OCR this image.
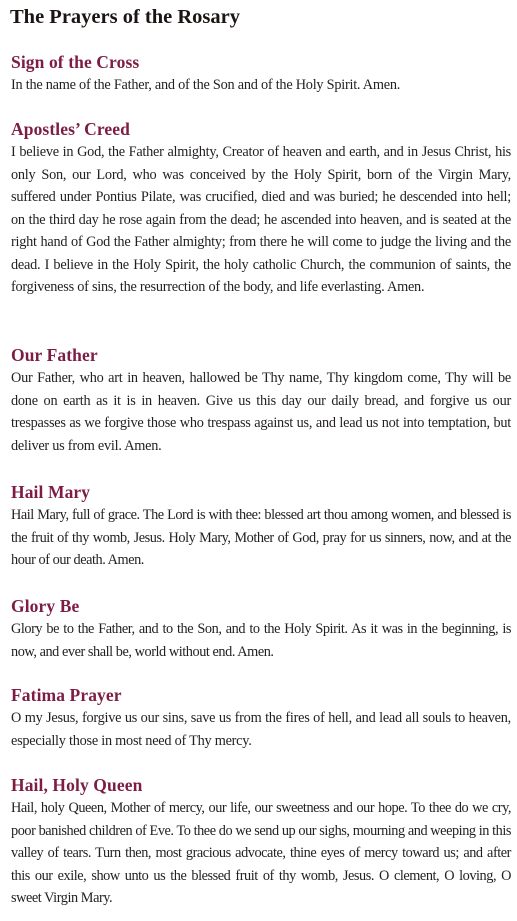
The Prayers of the Rosary
Sign of the Cross
In the name of the Father, and of the Son and of the Holy Spirit. Amen.
Apostles’ Creed
I believe in God, the Father almighty, Creator of heaven and earth, and in Jesus Christ, his only Son, our Lord, who was conceived by the Holy Spirit, born of the Virgin Mary, suffered under Pontius Pilate, was crucified, died and was buried; he descended into hell; on the third day he rose again from the dead; he ascended into heaven, and is seated at the right hand of God the Father almighty; from there he will come to judge the living and the dead. I believe in the Holy Spirit, the holy catholic Church, the communion of saints, the forgiveness of sins, the resurrection of the body, and life everlasting. Amen.
Our Father
Our Father, who art in heaven, hallowed be Thy name, Thy kingdom come, Thy will be done on earth as it is in heaven. Give us this day our daily bread, and forgive us our trespasses as we forgive those who trespass against us, and lead us not into temptation, but deliver us from evil. Amen.
Hail Mary
Hail Mary, full of grace. The Lord is with thee: blessed art thou among women, and blessed is the fruit of thy womb, Jesus. Holy Mary, Mother of God, pray for us sinners, now, and at the hour of our death. Amen.
Glory Be
Glory be to the Father, and to the Son, and to the Holy Spirit. As it was in the beginning, is now, and ever shall be, world without end. Amen.
Fatima Prayer
O my Jesus, forgive us our sins, save us from the fires of hell, and lead all souls to heaven, especially those in most need of Thy mercy.
Hail, Holy Queen
Hail, holy Queen, Mother of mercy, our life, our sweetness and our hope. To thee do we cry, poor banished children of Eve. To thee do we send up our sighs, mourning and weeping in this valley of tears. Turn then, most gracious advocate, thine eyes of mercy toward us; and after this our exile, show unto us the blessed fruit of thy womb, Jesus. O clement, O loving, O sweet Virgin Mary.
